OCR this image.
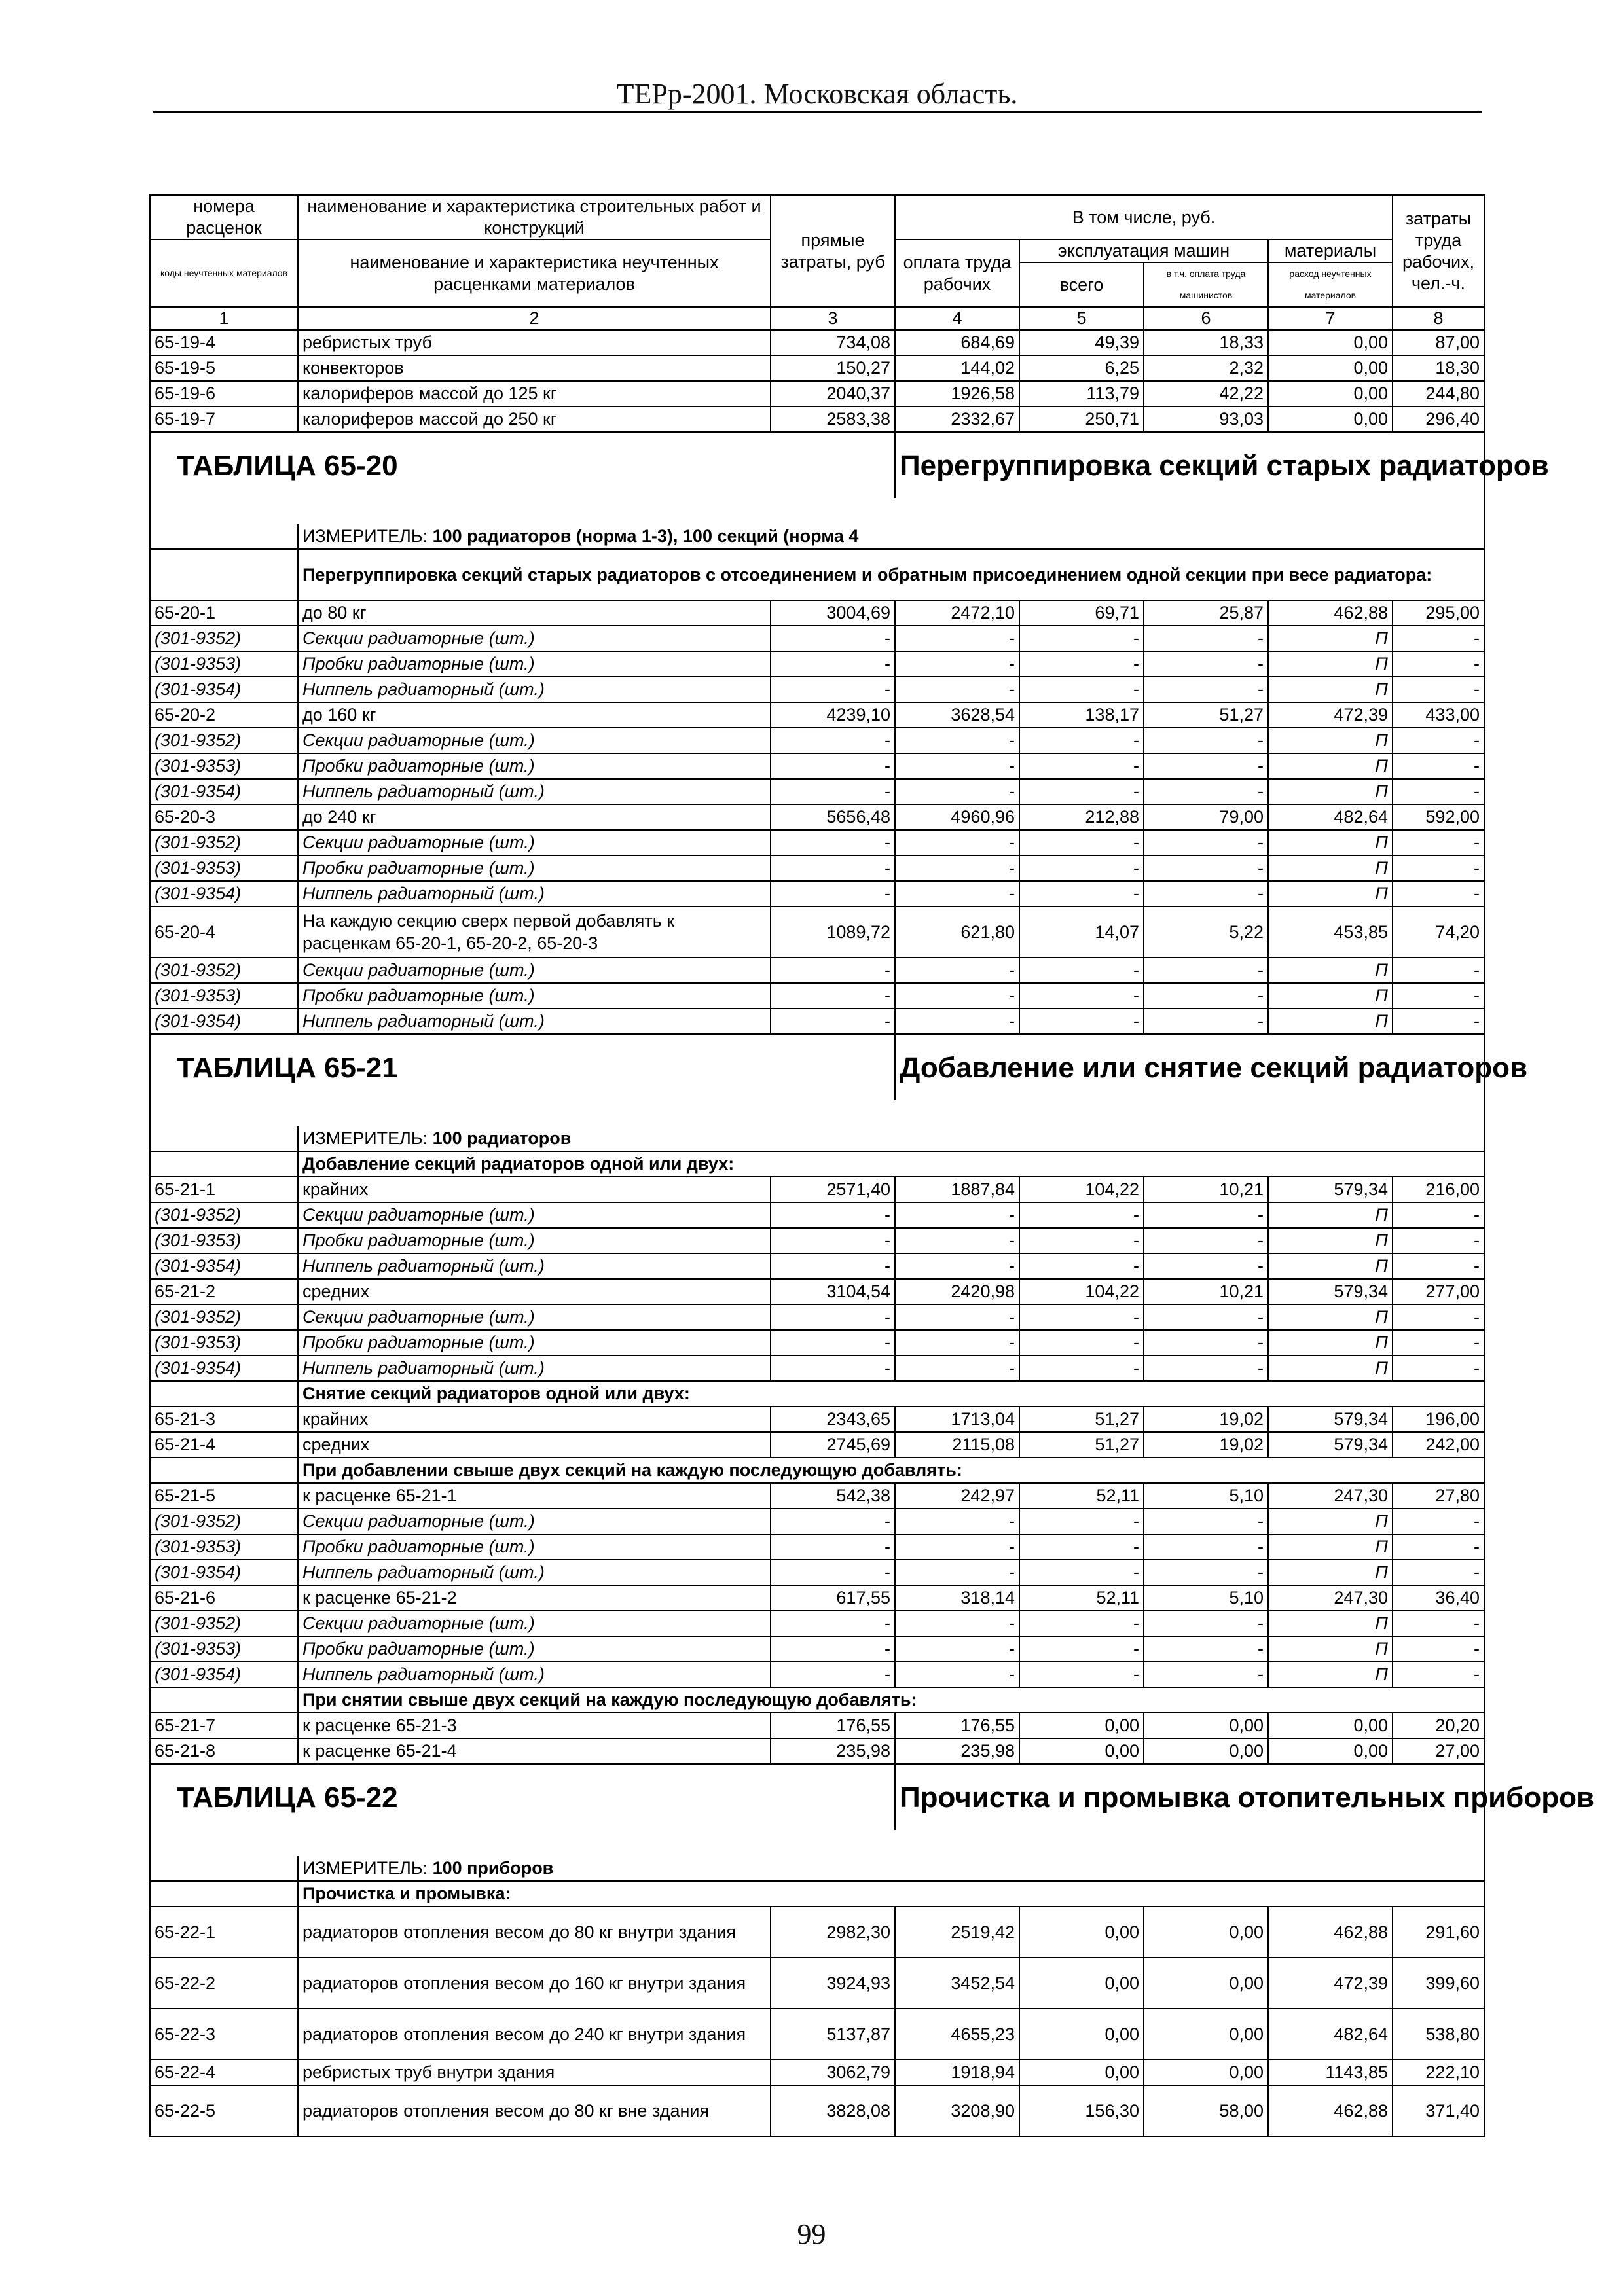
ТЕРр-2001. Московская область.
номера расценок	наименование и характеристика строительных работ и конструкций	прямые затраты, руб	В том числе, руб.				затраты труда рабочих, чел.-ч.
коды неучтенных материалов	наименование и характеристика неучтенных расценками материалов		оплата труда рабочих	эксплуатация машин		материалы	
				всего	в т.ч. оплата труда машинистов	расход неучтенных материалов	
1	2	3	4	5	6	7	8
65-19-4	ребристых труб	734,08	684,69	49,39	18,33	0,00	87,00
65-19-5	конвекторов	150,27	144,02	6,25	2,32	0,00	18,30
65-19-6	калориферов массой до 125 кг	2040,37	1926,58	113,79	42,22	0,00	244,80
65-19-7	калориферов массой до 250 кг	2583,38	2332,67	250,71	93,03	0,00	296,40
ТАБЛИЦА 65-20			Перегруппировка секций старых радиаторов				

	ИЗМЕРИТЕЛЬ: 100 радиаторов (норма 1-3), 100 секций (норма 4						
	Перегруппировка секций старых радиаторов с отсоединением и обратным присоединением одной секции при весе радиатора:						
65-20-1	до 80 кг	3004,69	2472,10	69,71	25,87	462,88	295,00
(301-9352)	Секции радиаторные (шт.)	-	-	-	-	П	-
(301-9353)	Пробки радиаторные (шт.)	-	-	-	-	П	-
(301-9354)	Ниппель радиаторный (шт.)	-	-	-	-	П	-
65-20-2	до 160 кг	4239,10	3628,54	138,17	51,27	472,39	433,00
(301-9352)	Секции радиаторные (шт.)	-	-	-	-	П	-
(301-9353)	Пробки радиаторные (шт.)	-	-	-	-	П	-
(301-9354)	Ниппель радиаторный (шт.)	-	-	-	-	П	-
65-20-3	до 240 кг	5656,48	4960,96	212,88	79,00	482,64	592,00
(301-9352)	Секции радиаторные (шт.)	-	-	-	-	П	-
(301-9353)	Пробки радиаторные (шт.)	-	-	-	-	П	-
(301-9354)	Ниппель радиаторный (шт.)	-	-	-	-	П	-
65-20-4	На каждую секцию сверх первой добавлять к расценкам 65-20-1, 65-20-2, 65-20-3	1089,72	621,80	14,07	5,22	453,85	74,20
(301-9352)	Секции радиаторные (шт.)	-	-	-	-	П	-
(301-9353)	Пробки радиаторные (шт.)	-	-	-	-	П	-
(301-9354)	Ниппель радиаторный (шт.)	-	-	-	-	П	-
ТАБЛИЦА 65-21			Добавление или снятие секций радиаторов				

	ИЗМЕРИТЕЛЬ: 100 радиаторов						
	Добавление секций радиаторов одной или двух:						
65-21-1	крайних	2571,40	1887,84	104,22	10,21	579,34	216,00
(301-9352)	Секции радиаторные (шт.)	-	-	-	-	П	-
(301-9353)	Пробки радиаторные (шт.)	-	-	-	-	П	-
(301-9354)	Ниппель радиаторный (шт.)	-	-	-	-	П	-
65-21-2	средних	3104,54	2420,98	104,22	10,21	579,34	277,00
(301-9352)	Секции радиаторные (шт.)	-	-	-	-	П	-
(301-9353)	Пробки радиаторные (шт.)	-	-	-	-	П	-
(301-9354)	Ниппель радиаторный (шт.)	-	-	-	-	П	-
	Снятие секций радиаторов одной или двух:						
65-21-3	крайних	2343,65	1713,04	51,27	19,02	579,34	196,00
65-21-4	средних	2745,69	2115,08	51,27	19,02	579,34	242,00
	При добавлении свыше двух секций на каждую последующую добавлять:						
65-21-5	к расценке 65-21-1	542,38	242,97	52,11	5,10	247,30	27,80
(301-9352)	Секции радиаторные (шт.)	-	-	-	-	П	-
(301-9353)	Пробки радиаторные (шт.)	-	-	-	-	П	-
(301-9354)	Ниппель радиаторный (шт.)	-	-	-	-	П	-
65-21-6	к расценке 65-21-2	617,55	318,14	52,11	5,10	247,30	36,40
(301-9352)	Секции радиаторные (шт.)	-	-	-	-	П	-
(301-9353)	Пробки радиаторные (шт.)	-	-	-	-	П	-
(301-9354)	Ниппель радиаторный (шт.)	-	-	-	-	П	-
	При снятии свыше двух секций на каждую последующую добавлять:						
65-21-7	к расценке 65-21-3	176,55	176,55	0,00	0,00	0,00	20,20
65-21-8	к расценке 65-21-4	235,98	235,98	0,00	0,00	0,00	27,00
ТАБЛИЦА 65-22			Прочистка и промывка отопительных приборов				

	ИЗМЕРИТЕЛЬ: 100 приборов						
	Прочистка и промывка:						
65-22-1	радиаторов отопления весом до 80 кг внутри здания	2982,30	2519,42	0,00	0,00	462,88	291,60
65-22-2	радиаторов отопления весом до 160 кг внутри здания	3924,93	3452,54	0,00	0,00	472,39	399,60
65-22-3	радиаторов отопления весом до 240 кг внутри здания	5137,87	4655,23	0,00	0,00	482,64	538,80
65-22-4	ребристых труб внутри здания	3062,79	1918,94	0,00	0,00	1143,85	222,10
65-22-5	радиаторов отопления весом до 80 кг вне здания	3828,08	3208,90	156,30	58,00	462,88	371,40
99
